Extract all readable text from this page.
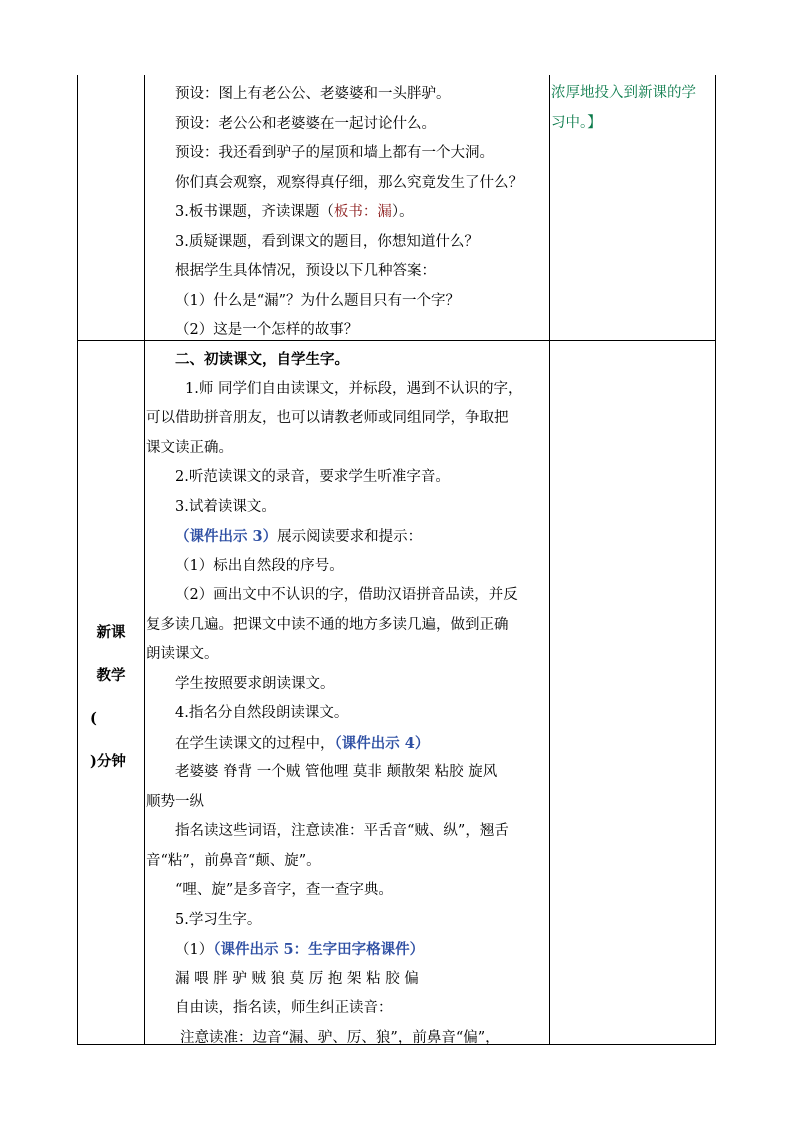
浓厚地投入到新课的学
习中。】
新课
教学
(
)分钟
预设：图上有老公公、老婆婆和一头胖驴。
预设：老公公和老婆婆在一起讨论什么。
预设：我还看到驴子的屋顶和墙上都有一个大洞。
你们真会观察，观察得真仔细，那么究竟发生了什么？
3.板书课题，齐读课题（板书：漏）。
3.质疑课题，看到课文的题目，你想知道什么？
根据学生具体情况，预设以下几种答案：
（1）什么是“漏”？为什么题目只有一个字？
（2）这是一个怎样的故事？
二、初读课文，自学生字。
1.师 同学们自由读课文，并标段，遇到不认识的字，
可以借助拼音朋友，也可以请教老师或同组同学，争取把
课文读正确。
2.听范读课文的录音，要求学生听准字音。
3.试着读课文。
（课件出示 3）展示阅读要求和提示：
（1）标出自然段的序号。
（2）画出文中不认识的字，借助汉语拼音品读，并反
复多读几遍。把课文中读不通的地方多读几遍，做到正确
朗读课文。
学生按照要求朗读课文。
4.指名分自然段朗读课文。
在学生读课文的过程中，（课件出示 4）
老婆婆 脊背 一个贼 管他哩 莫非 颠散架 粘胶 旋风
顺势一纵
指名读这些词语，注意读准：平舌音“贼、纵”，翘舌
音“粘”，前鼻音“颠、旋”。
“哩、旋”是多音字，查一查字典。
5.学习生字。
（1）（课件出示 5：生字田字格课件）
漏 喂 胖 驴 贼 狼 莫 厉 抱 架 粘 胶 偏
自由读，指名读，师生纠正读音：
注意读准：边音“漏、驴、厉、狼”，前鼻音“偏”，
